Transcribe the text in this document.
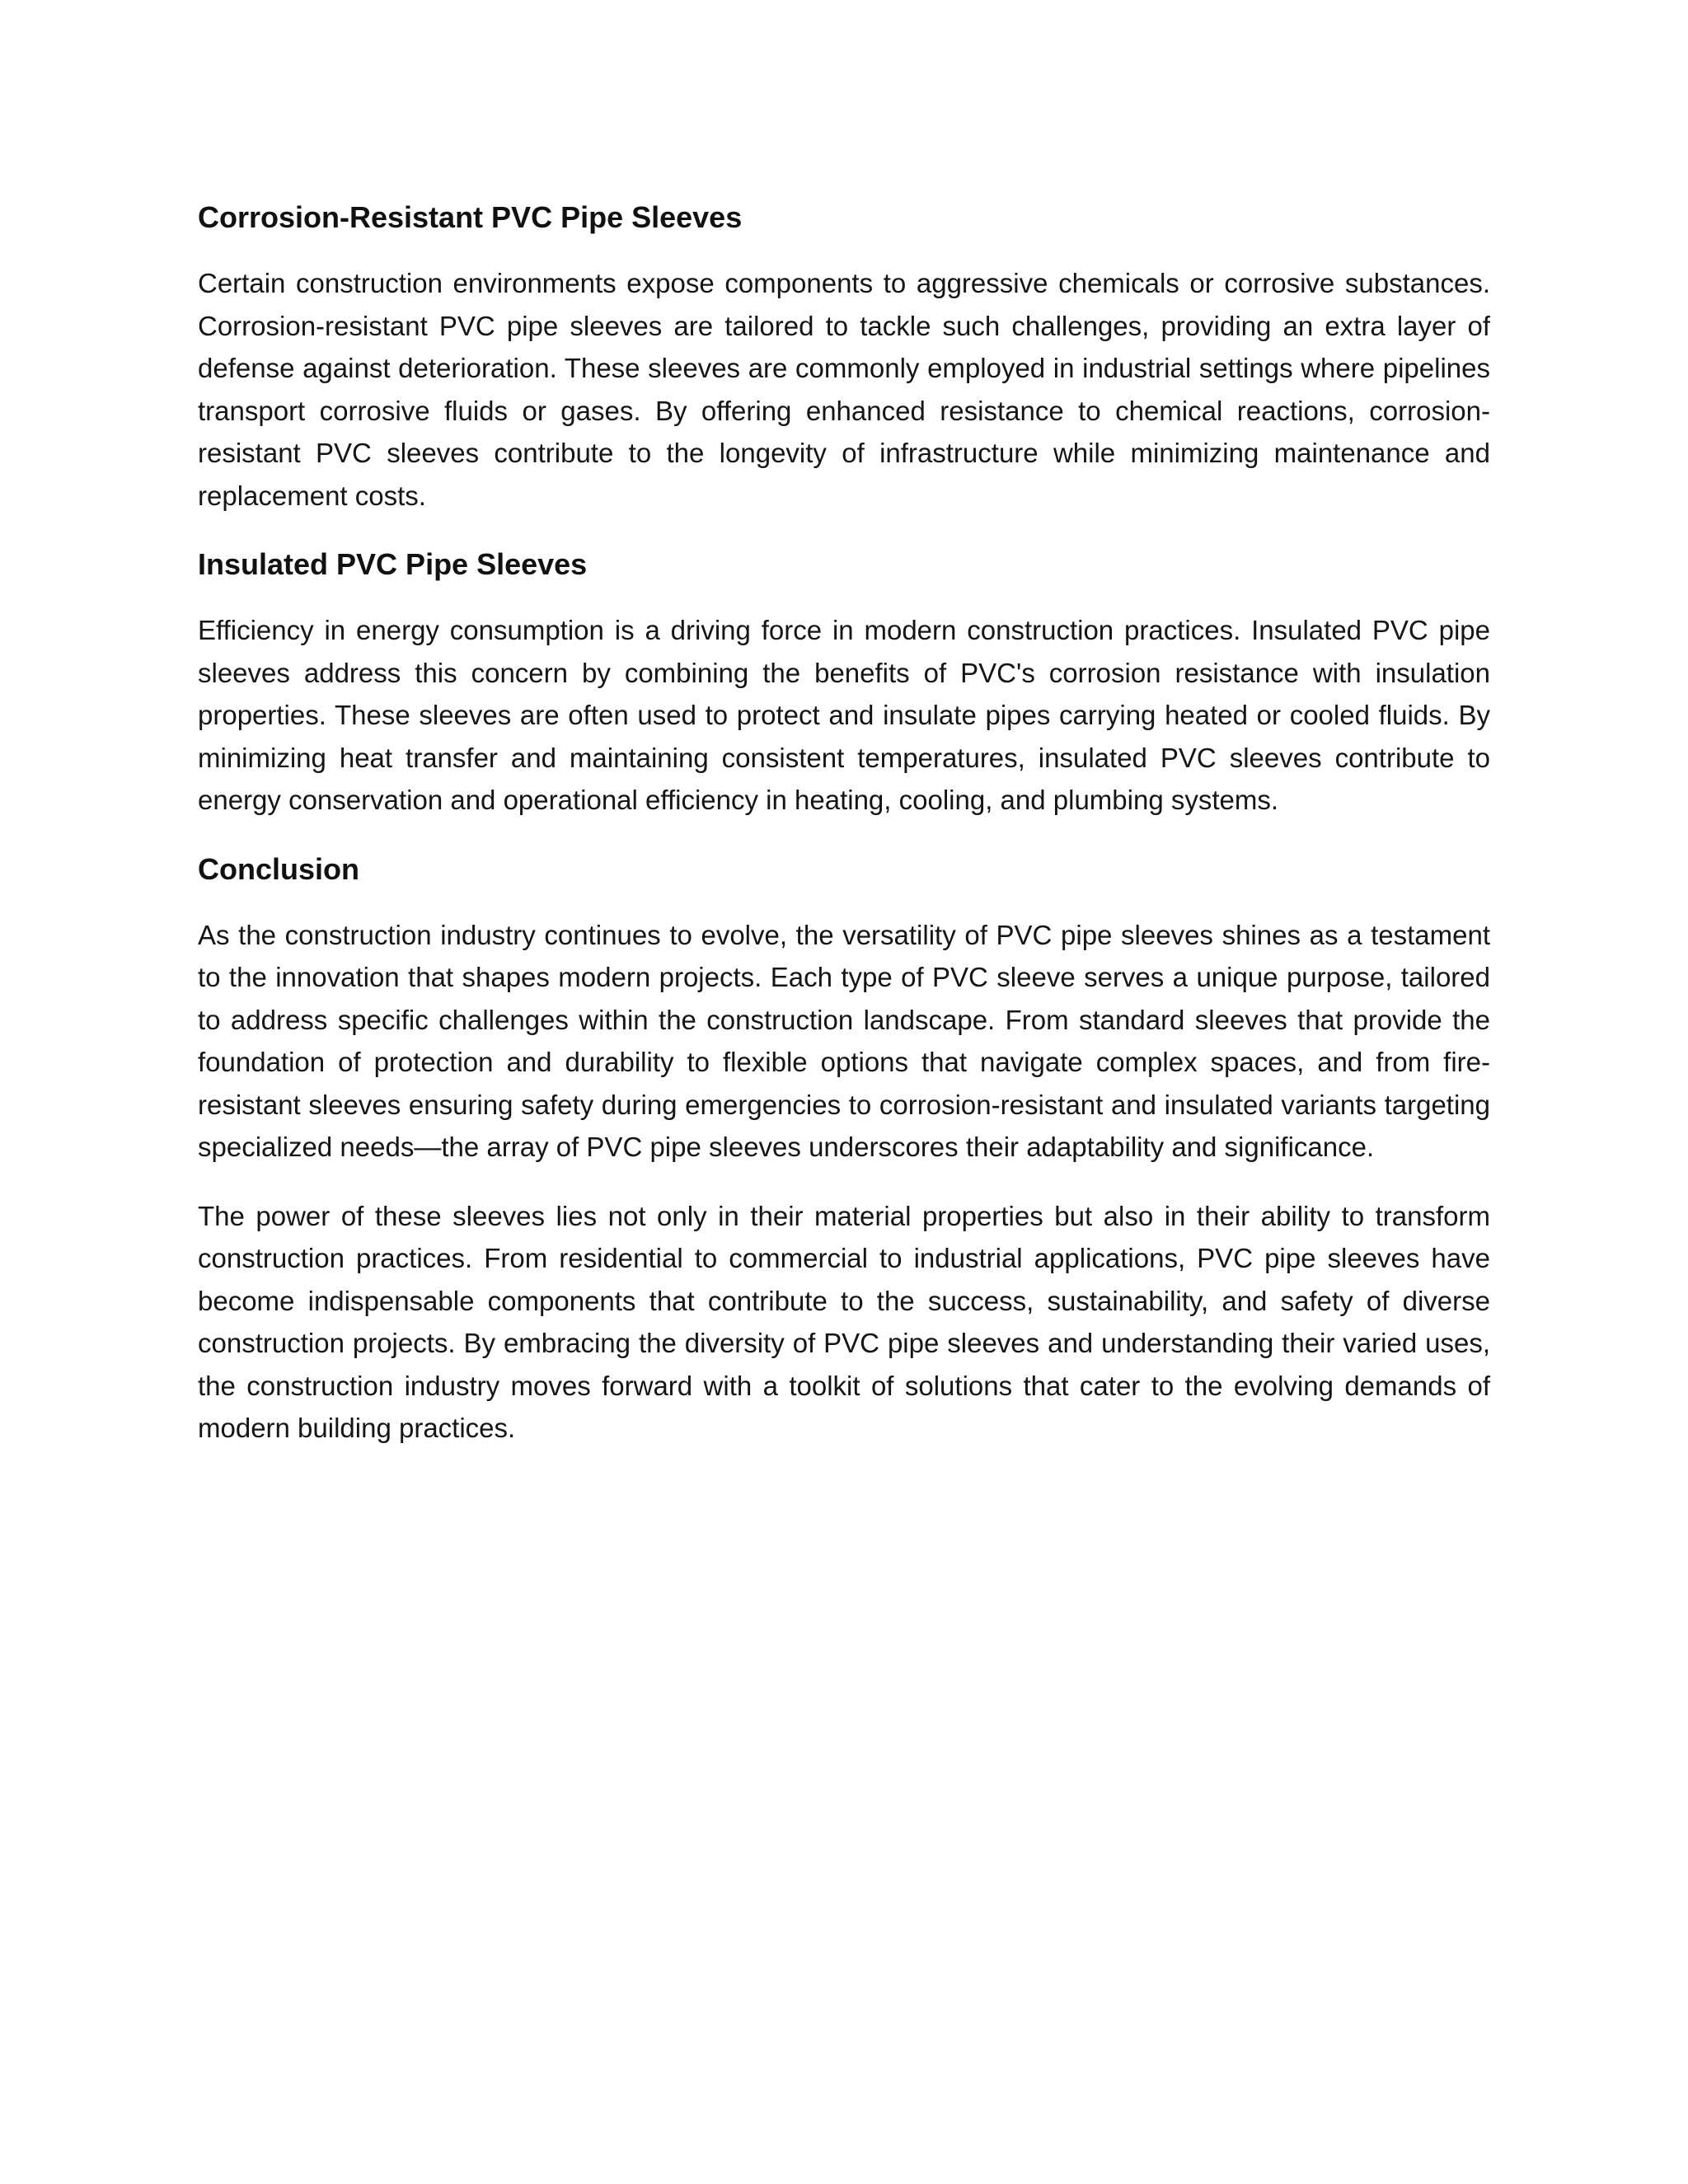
Corrosion-Resistant PVC Pipe Sleeves

Certain construction environments expose components to aggressive chemicals or corrosive substances. Corrosion-resistant PVC pipe sleeves are tailored to tackle such challenges, providing an extra layer of defense against deterioration. These sleeves are commonly employed in industrial settings where pipelines transport corrosive fluids or gases. By offering enhanced resistance to chemical reactions, corrosion-resistant PVC sleeves contribute to the longevity of infrastructure while minimizing maintenance and replacement costs.

Insulated PVC Pipe Sleeves

Efficiency in energy consumption is a driving force in modern construction practices. Insulated PVC pipe sleeves address this concern by combining the benefits of PVC's corrosion resistance with insulation properties. These sleeves are often used to protect and insulate pipes carrying heated or cooled fluids. By minimizing heat transfer and maintaining consistent temperatures, insulated PVC sleeves contribute to energy conservation and operational efficiency in heating, cooling, and plumbing systems.

Conclusion

As the construction industry continues to evolve, the versatility of PVC pipe sleeves shines as a testament to the innovation that shapes modern projects. Each type of PVC sleeve serves a unique purpose, tailored to address specific challenges within the construction landscape. From standard sleeves that provide the foundation of protection and durability to flexible options that navigate complex spaces, and from fire-resistant sleeves ensuring safety during emergencies to corrosion-resistant and insulated variants targeting specialized needs—the array of PVC pipe sleeves underscores their adaptability and significance.

The power of these sleeves lies not only in their material properties but also in their ability to transform construction practices. From residential to commercial to industrial applications, PVC pipe sleeves have become indispensable components that contribute to the success, sustainability, and safety of diverse construction projects. By embracing the diversity of PVC pipe sleeves and understanding their varied uses, the construction industry moves forward with a toolkit of solutions that cater to the evolving demands of modern building practices.
